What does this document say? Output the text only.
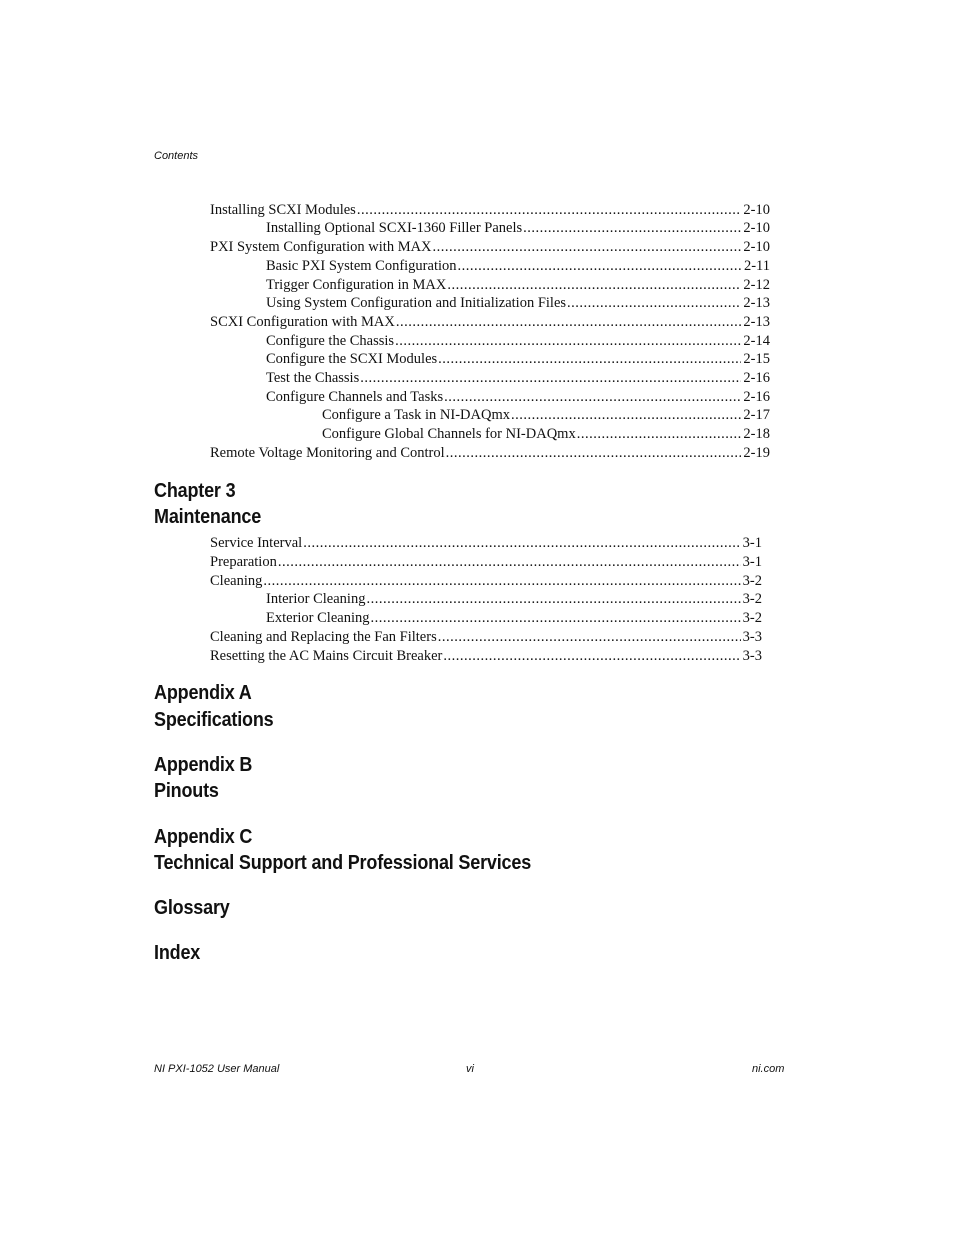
Contents
Installing SCXI Modules .....	2-10
Installing Optional SCXI-1360 Filler Panels .....	2-10
PXI System Configuration with MAX .....	2-10
Basic PXI System Configuration .....	2-11
Trigger Configuration in MAX .....	2-12
Using System Configuration and Initialization Files .....	2-13
SCXI Configuration with MAX .....	2-13
Configure the Chassis .....	2-14
Configure the SCXI Modules .....	2-15
Test the Chassis .....	2-16
Configure Channels and Tasks .....	2-16
Configure a Task in NI-DAQmx .....	2-17
Configure Global Channels for NI-DAQmx .....	2-18
Remote Voltage Monitoring and Control .....	2-19
Chapter 3
Maintenance
Service Interval .....	3-1
Preparation .....	3-1
Cleaning .....	3-2
Interior Cleaning .....	3-2
Exterior Cleaning .....	3-2
Cleaning and Replacing the Fan Filters .....	3-3
Resetting the AC Mains Circuit Breaker .....	3-3
Appendix A
Specifications
Appendix B
Pinouts
Appendix C
Technical Support and Professional Services
Glossary
Index
NI PXI-1052 User Manual	vi	ni.com
